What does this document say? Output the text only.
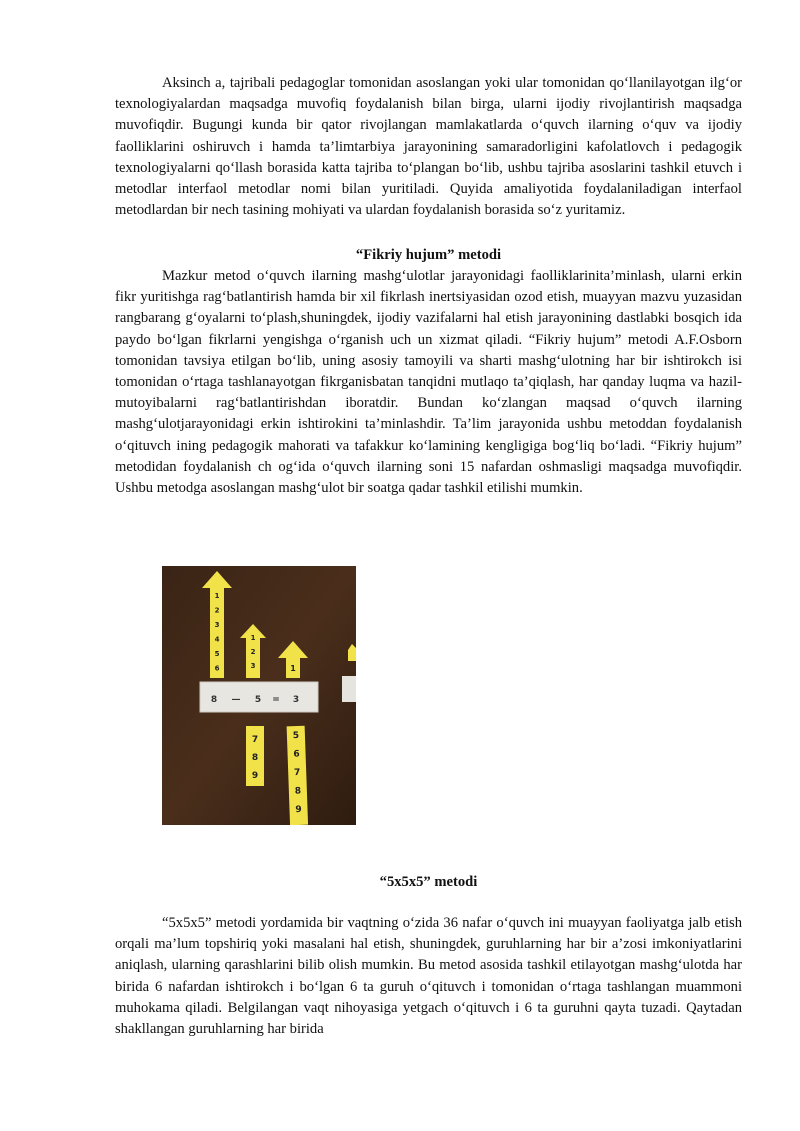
Aksinch a, tajribali pedagoglar tomonidan asoslangan yoki ular tomonidan qo‘llanilayotgan ilg‘or texnologiyalardan maqsadga muvofiq foydalanish bilan birga, ularni ijodiy rivojlantirish maqsadga muvofiqdir. Bugungi kunda bir qator rivojlangan mamlakatlarda o‘quvch ilarning o‘quv va ijodiy faolliklarini oshiruvch i hamda ta’limtarbiya jarayonining samaradorligini kafolatlovch i pedagogik texnologiyalarni qo‘llash borasida katta tajriba to‘plangan bo‘lib, ushbu tajriba asoslarini tashkil etuvch i metodlar interfaol metodlar nomi bilan yuritiladi. Quyida amaliyotida foydalaniladigan interfaol metodlardan bir nech tasining mohiyati va ulardan foydalanish borasida so‘z yuritamiz.

“Fikriy hujum” metodi

Mazkur metod o‘quvch ilarning mashg‘ulotlar jarayonidagi faolliklarinita’minlash, ularni erkin fikr yuritishga rag‘batlantirish hamda bir xil fikrlash inertsiyasidan ozod etish, muayyan mazvu yuzasidan rangbarang g‘oyalarni to‘plash,shuningdek, ijodiy vazifalarni hal etish jarayonining dastlabki bosqich ida paydo bo‘lgan fikrlarni yengishga o‘rganish uch un xizmat qiladi. “Fikriy hujum” metodi A.F.Osborn tomonidan tavsiya etilgan bo‘lib, uning asosiy tamoyili va sharti mashg‘ulotning har bir ishtirokch isi tomonidan o‘rtaga tashlanayotgan fikrganisbatan tanqidni mutlaqo ta’qiqlash, har qanday luqma va hazil-mutoyibalarni rag‘batlantirishdan iboratdir. Bundan ko‘zlangan maqsad o‘quvch ilarning mashg‘ulotjarayonidagi erkin ishtirokini ta’minlashdir. Ta’lim jarayonida ushbu metoddan foydalanish o‘qituvch ining pedagogik mahorati va tafakkur ko‘lamining kengligiga bog‘liq bo‘ladi. “Fikriy hujum” metodidan foydalanish ch og‘ida o‘quvch ilarning soni 15 nafardan oshmasligi maqsadga muvofiqdir. Ushbu metodga asoslangan mashg‘ulot bir soatga qadar tashkil etilishi mumkin.

1
2
3
4
5
6
1
2
3	1
8 — 5 = 3
7
8
9
5
6
7
8
9

“5x5x5” metodi

“5x5x5” metodi yordamida bir vaqtning o‘zida 36 nafar o‘quvch ini muayyan faoliyatga jalb etish orqali ma’lum topshiriq yoki masalani hal etish, shuningdek, guruhlarning har bir a’zosi imkoniyatlarini aniqlash, ularning qarashlarini bilib olish mumkin. Bu metod asosida tashkil etilayotgan mashg‘ulotda har birida 6 nafardan ishtirokch i bo‘lgan 6 ta guruh o‘qituvch i tomonidan o‘rtaga tashlangan muammoni muhokama qiladi. Belgilangan vaqt nihoyasiga yetgach o‘qituvch i 6 ta guruhni qayta tuzadi. Qaytadan shakllangan guruhlarning har birida
